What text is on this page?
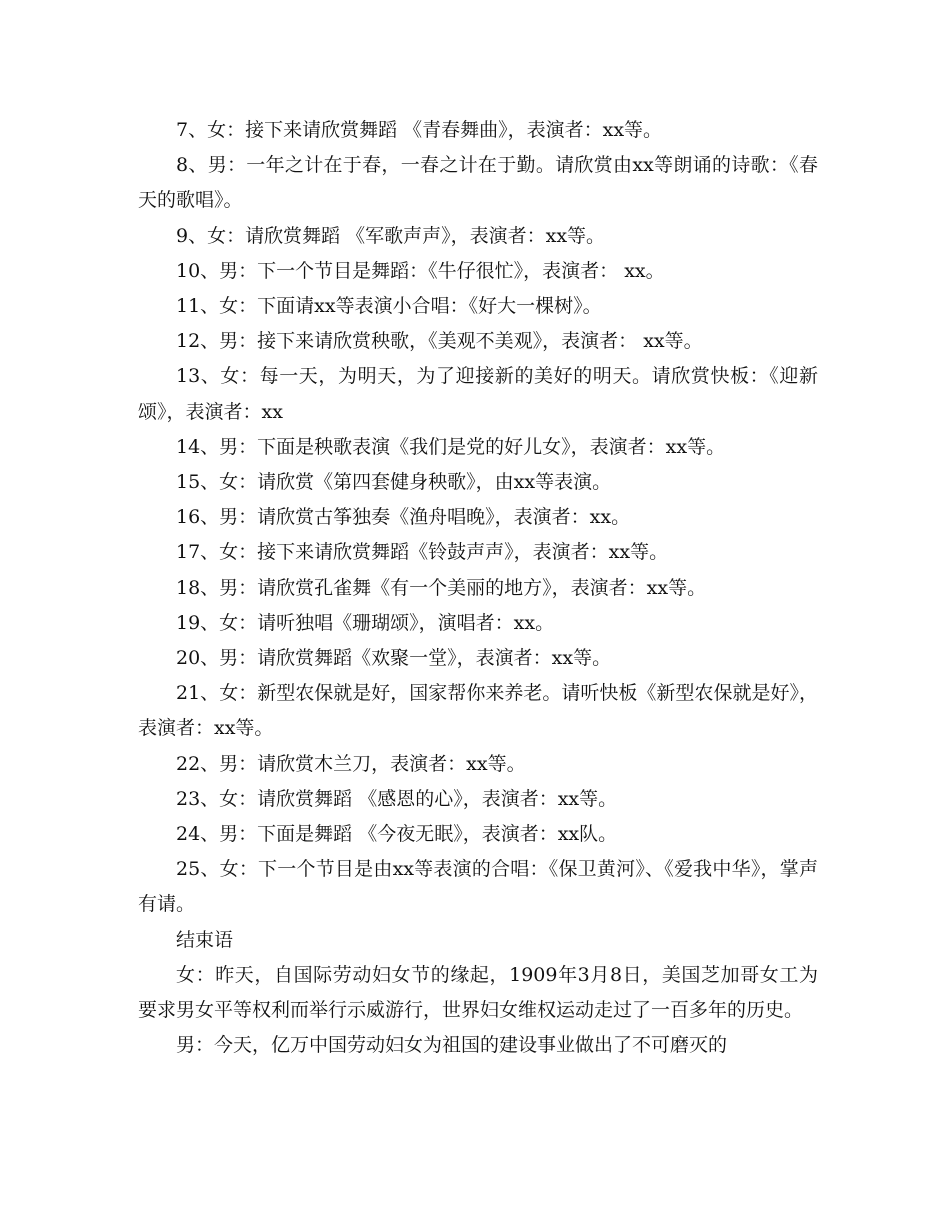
7、女：接下来请欣赏舞蹈 《青春舞曲》，表演者：xx等。

8、男：一年之计在于春，一春之计在于勤。请欣赏由xx等朗诵的诗歌：《春天的歌唱》。

9、女：请欣赏舞蹈 《军歌声声》，表演者：xx等。

10、男：下一个节目是舞蹈：《牛仔很忙》，表演者： xx。

11、女：下面请xx等表演小合唱：《好大一棵树》。

12、男：接下来请欣赏秧歌，《美观不美观》，表演者： xx等。

13、女：每一天，为明天，为了迎接新的美好的明天。请欣赏快板：《迎新颂》，表演者：xx

14、男：下面是秧歌表演《我们是党的好儿女》，表演者：xx等。

15、女：请欣赏《第四套健身秧歌》，由xx等表演。

16、男：请欣赏古筝独奏《渔舟唱晚》，表演者：xx。

17、女：接下来请欣赏舞蹈《铃鼓声声》，表演者：xx等。

18、男：请欣赏孔雀舞《有一个美丽的地方》，表演者：xx等。

19、女：请听独唱《珊瑚颂》，演唱者：xx。

20、男：请欣赏舞蹈《欢聚一堂》，表演者：xx等。

21、女：新型农保就是好，国家帮你来养老。请听快板《新型农保就是好》，表演者：xx等。

22、男：请欣赏木兰刀，表演者：xx等。

23、女：请欣赏舞蹈 《感恩的心》，表演者：xx等。

24、男：下面是舞蹈 《今夜无眠》，表演者：xx队。

25、女：下一个节目是由xx等表演的合唱：《保卫黄河》、《爱我中华》，掌声有请。

结束语

女：昨天，自国际劳动妇女节的缘起，1909年3月8日，美国芝加哥女工为要求男女平等权利而举行示威游行，世界妇女维权运动走过了一百多年的历史。

男：今天，亿万中国劳动妇女为祖国的建设事业做出了不可磨灭的
